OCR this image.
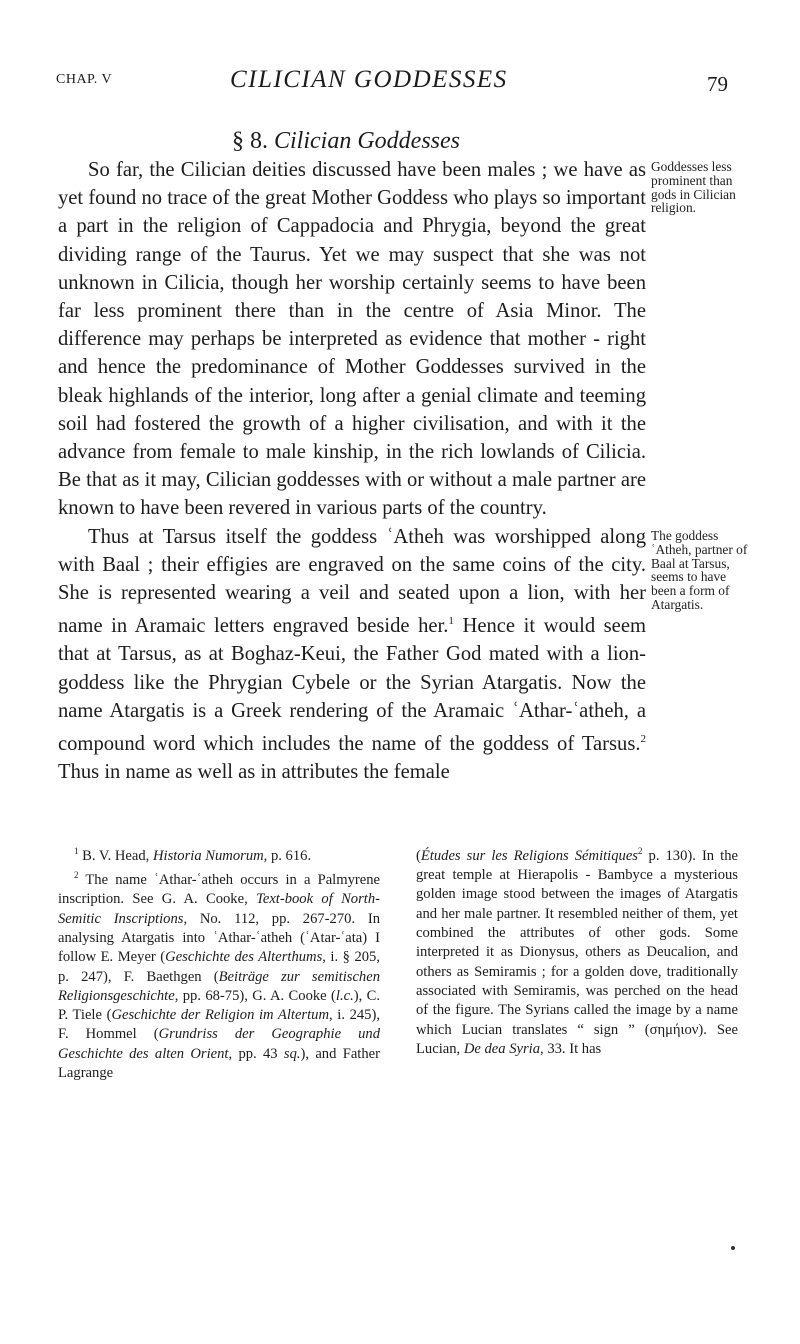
CHAP. V	CILICIAN GODDESSES	79
§ 8. Cilician Goddesses

So far, the Cilician deities discussed have been males ; we have as yet found no trace of the great Mother Goddess who plays so important a part in the religion of Cappadocia and Phrygia, beyond the great dividing range of the Taurus. Yet we may suspect that she was not unknown in Cilicia, though her worship certainly seems to have been far less prominent there than in the centre of Asia Minor. The difference may perhaps be interpreted as evidence that mother - right and hence the predominance of Mother Goddesses survived in the bleak highlands of the interior, long after a genial climate and teeming soil had fostered the growth of a higher civilisation, and with it the advance from female to male kinship, in the rich lowlands of Cilicia. Be that as it may, Cilician goddesses with or without a male partner are known to have been revered in various parts of the country.

Thus at Tarsus itself the goddess ʿAtheh was worshipped along with Baal ; their effigies are engraved on the same coins of the city. She is represented wearing a veil and seated upon a lion, with her name in Aramaic letters engraved beside her.$^1$ Hence it would seem that at Tarsus, as at Boghaz-Keui, the Father God mated with a lion-goddess like the Phrygian Cybele or the Syrian Atargatis. Now the name Atargatis is a Greek rendering of the Aramaic ʿAthar-ʿatheh, a compound word which includes the name of the goddess of Tarsus.$^2$ Thus in name as well as in attributes the female

Goddesses less prominent than gods in Cilician religion.
The goddess ʿAtheh, partner of Baal at Tarsus, seems to have been a form of Atargatis.

$^1$ B. V. Head, Historia Numorum, p. 616.

$^2$ The name ʿAthar-ʿatheh occurs in a Palmyrene inscription. See G. A. Cooke, Text-book of North-Semitic Inscriptions, No. 112, pp. 267-270. In analysing Atargatis into ʿAthar-ʿatheh (ʿAtar-ʿata) I follow E. Meyer (Geschichte des Alterthums, i. § 205, p. 247), F. Baethgen (Beiträge zur semitischen Religionsgeschichte, pp. 68-75), G. A. Cooke (l.c.), C. P. Tiele (Geschichte der Religion im Altertum, i. 245), F. Hommel (Grundriss der Geographie und Geschichte des alten Orient, pp. 43 sq.), and Father Lagrange

(Études sur les Religions Sémitiques$^2$ p. 130). In the great temple at Hierapolis - Bambyce a mysterious golden image stood between the images of Atargatis and her male partner. It resembled neither of them, yet combined the attributes of other gods. Some interpreted it as Dionysus, others as Deucalion, and others as Semiramis ; for a golden dove, traditionally associated with Semiramis, was perched on the head of the figure. The Syrians called the image by a name which Lucian translates “ sign ” (σημήιον). See Lucian, De dea Syria, 33. It has
